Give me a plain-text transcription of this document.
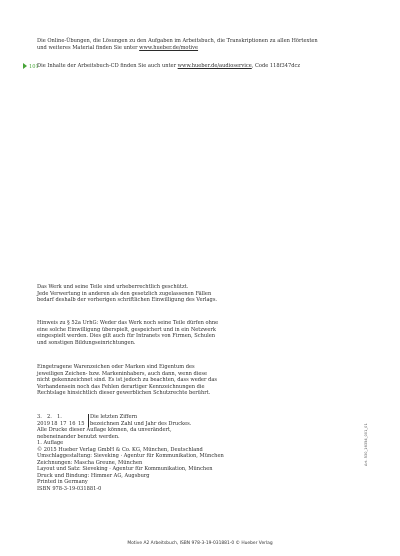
Die Online-Übungen, die Lösungen zu den Aufgaben im Arbeitsbuch, die Transkriptionen zu allen Hörtexten

und weiteres Material finden Sie unter www.hueber.de/motive

101
Die Inhalte der Arbeitsbuch-CD finden Sie auch unter www.hueber.de/audioservice, Code 118f347dcz

Das Werk und seine Teile sind urheberrechtlich geschützt.

Jede Verwertung in anderen als den gesetzlich zugelassenen Fällen

bedarf deshalb der vorherigen schriftlichen Einwilligung des Verlags.

Hinweis zu § 52a UrhG: Weder das Werk noch seine Teile dürfen ohne

eine solche Einwilligung überspielt, gespeichert und in ein Netzwerk

eingespielt werden. Dies gilt auch für Intranets von Firmen, Schulen

und sonstigen Bildungseinrichtungen.

Eingetragene Warenzeichen oder Marken sind Eigentum des

jeweiligen Zeichen- bzw. Markeninhabers, auch dann, wenn diese

nicht gekennzeichnet sind. Es ist jedoch zu beachten, dass weder das

Vorhandensein noch das Fehlen derartiger Kennzeichnungen die

Rechtslage hinsichtlich dieser gewerblichen Schutzrechte berührt.

3. 2. 1.
201918 17 16 15
Die letzten Ziffern
bezeichnen Zahl und Jahr des Druckes.

Alle Drucke dieser Auflage können, da unverändert,

nebeneinander benutzt werden.

1. Auflage

© 2015 Hueber Verlag GmbH & Co. KG, München, Deutschland

Umschlaggestaltung: Sieveking · Agentur für Kommunikation, München

Zeichnungen: Mascha Greune, München

Layout und Satz: Sieveking · Agentur für Kommunikation, München

Druck und Bindung: Himmer AG, Augsburg

Printed in Germany

ISBN 978-3-19-031881-0

Art. 530_16354_001_01
Motive A2 Arbeitsbuch, ISBN 978-3-19-031881-0 © Hueber Verlag
